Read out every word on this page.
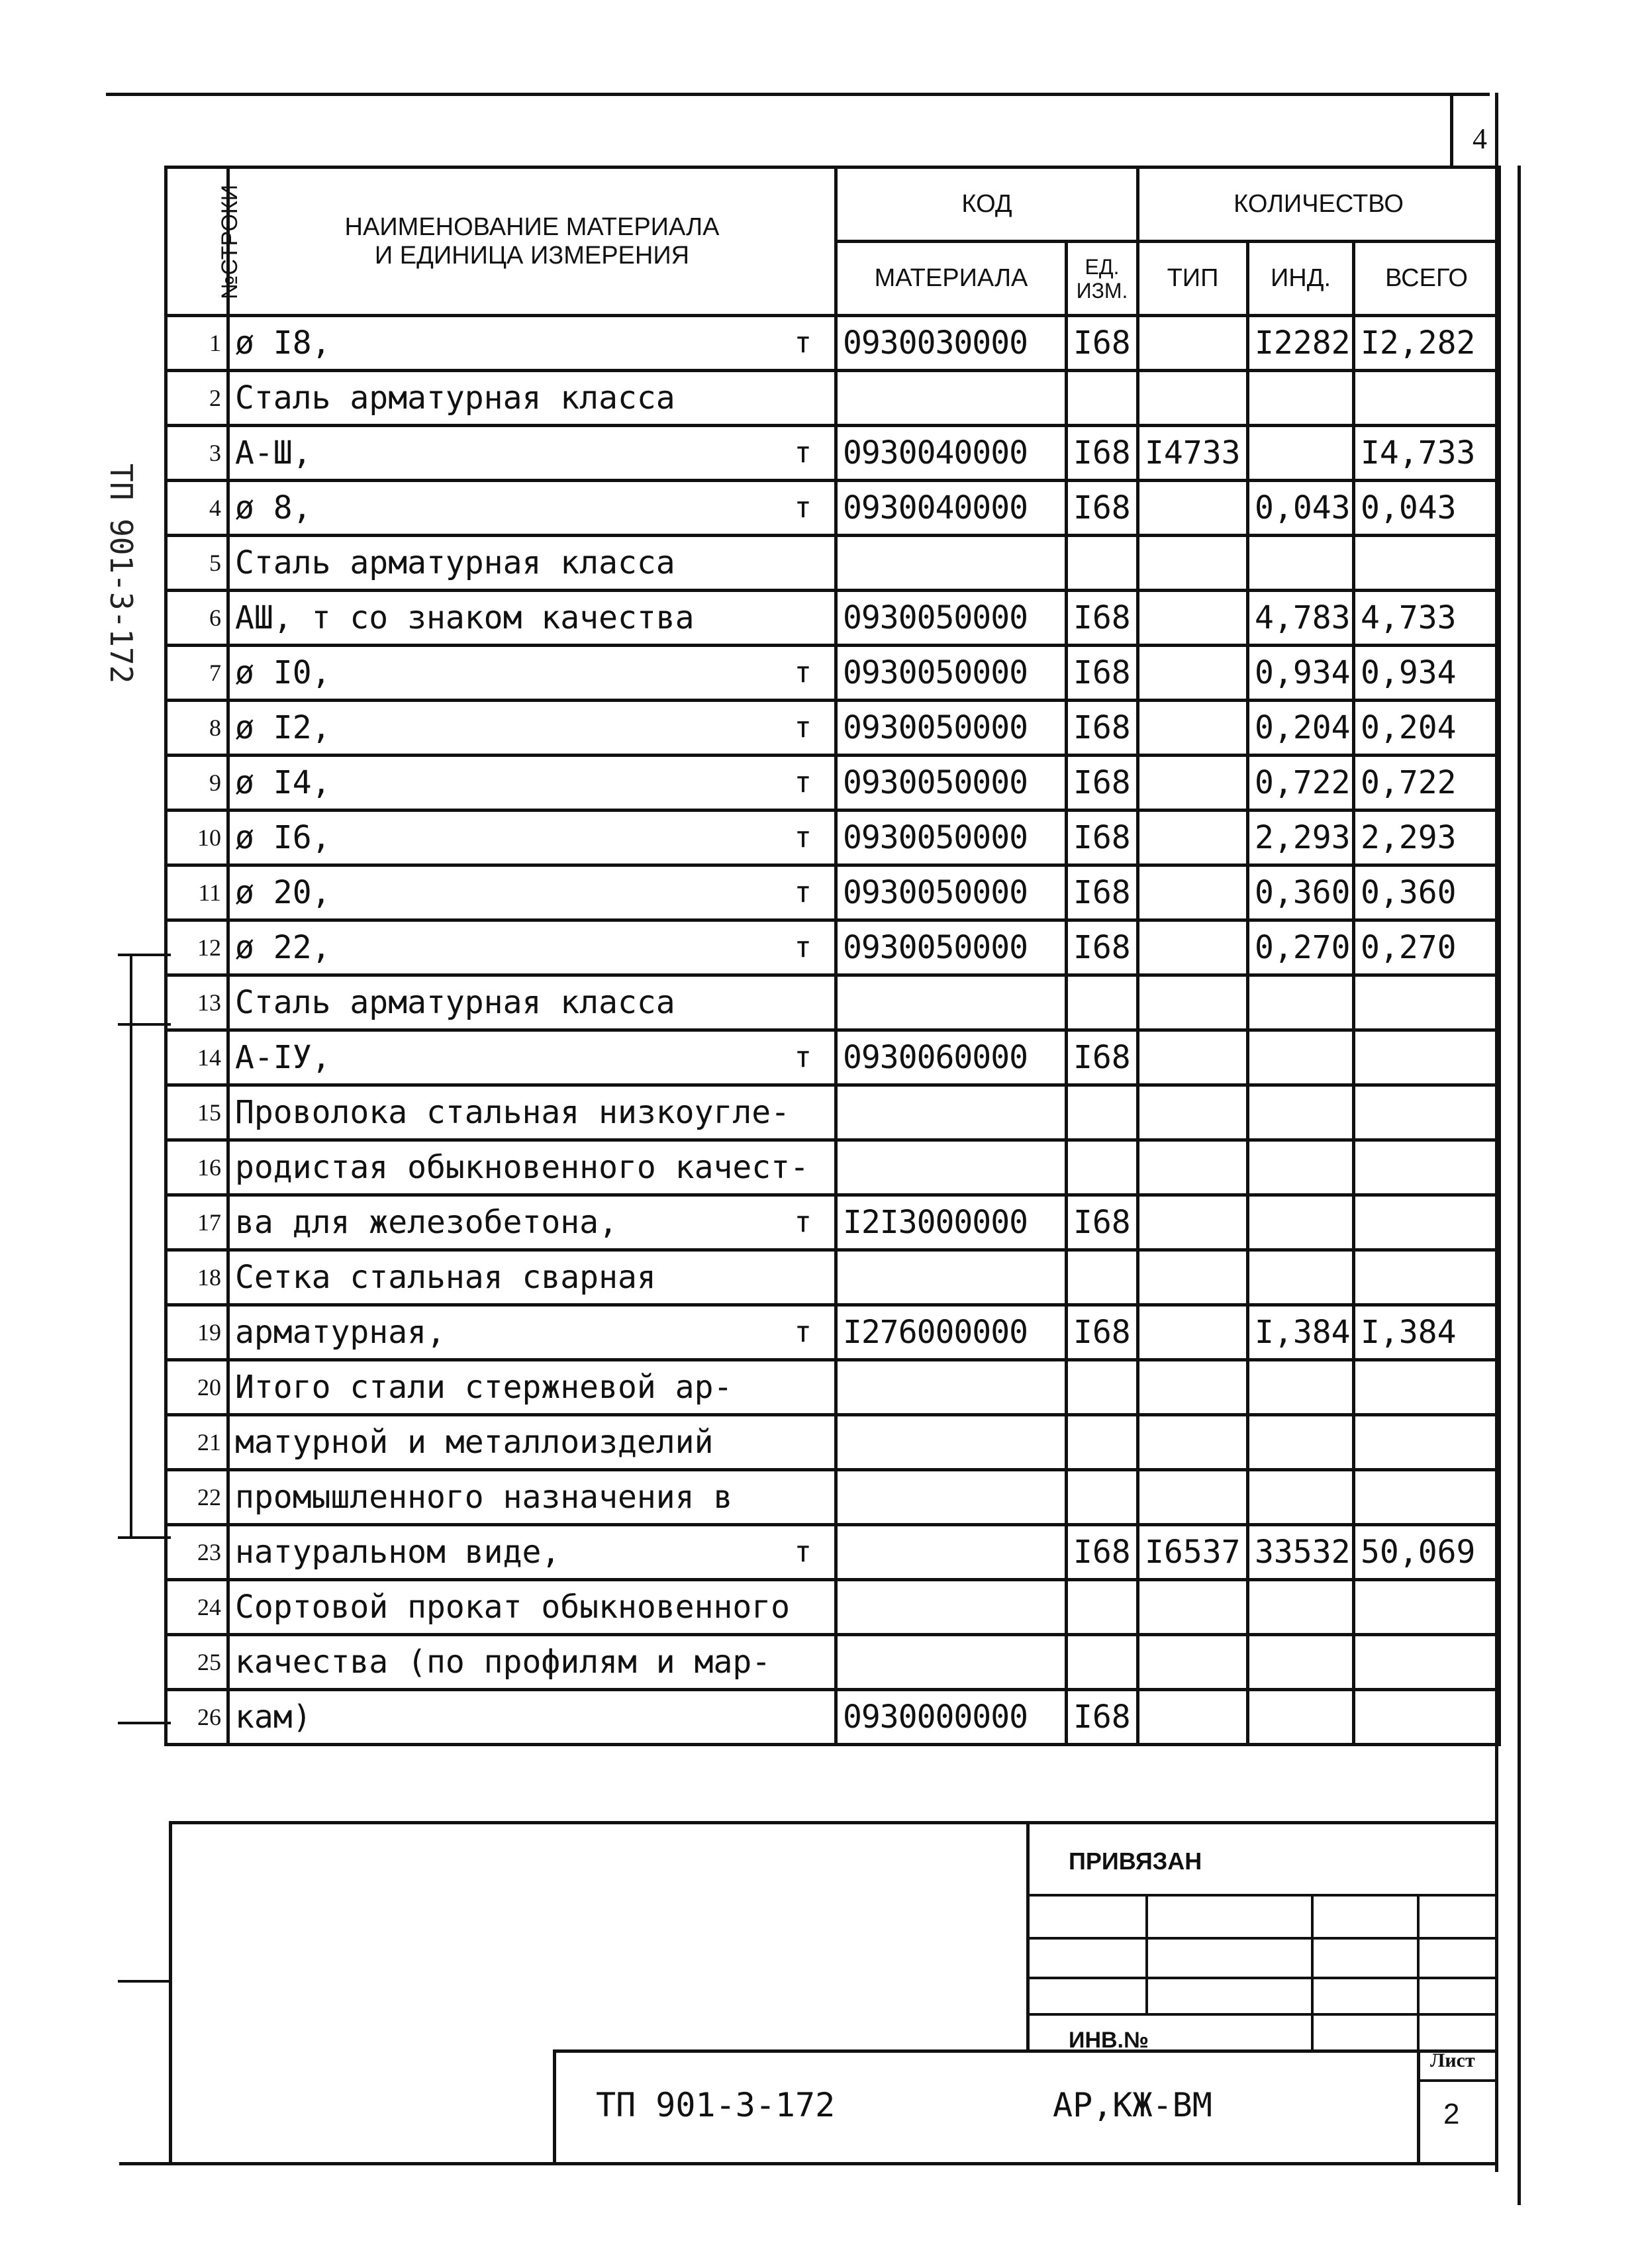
4
ТП 901-3-172
№СТРОКИ	НАИМЕНОВАНИЕ МАТЕРИАЛА
И ЕДИНИЦА ИЗМЕРЕНИЯ	КОД		КОЛИЧЕСТВО		
		МАТЕРИАЛА	ЕД. ИЗМ.	ТИП	ИНД.	ВСЕГО
1	ø I8, т	0930030000	I68		I2282	I2,282
2	Сталь арматурная класса

3	А-Ш, т	0930040000	I68	I4733		I4,733
4	ø 8, т	0930040000	I68		0,043	0,043
5	Сталь арматурная класса

6	АШ, т со знаком качества	0930050000	I68		4,783	4,733
7	ø I0, т	0930050000	I68		0,934	0,934
8	ø I2, т	0930050000	I68		0,204	0,204
9	ø I4, т	0930050000	I68		0,722	0,722
10	ø I6, т	0930050000	I68		2,293	2,293
11	ø 20, т	0930050000	I68		0,360	0,360
12	ø 22, т	0930050000	I68		0,270	0,270
13	Сталь арматурная класса

14	А-IУ, т	0930060000	I68			
15	Проволока стальная низкоугле-

16	родистая обыкновенного качест-

17	ва для железобетона, т	I2I3000000	I68			
18	Сетка стальная сварная

19	арматурная, т	I276000000	I68		I,384	I,384
20	Итого стали стержневой ар-

21	матурной и металлоизделий

22	промышленного назначения в

23	натуральном виде, т		I68	I6537	33532	50,069
24	Сортовой прокат обыкновенного

25	качества (по профилям и мар-

26	кам)	0930000000	I68			
ПРИВЯЗАН
ИНВ.№
ТП 901-3-172	АР,КЖ-ВМ
Лист
2
